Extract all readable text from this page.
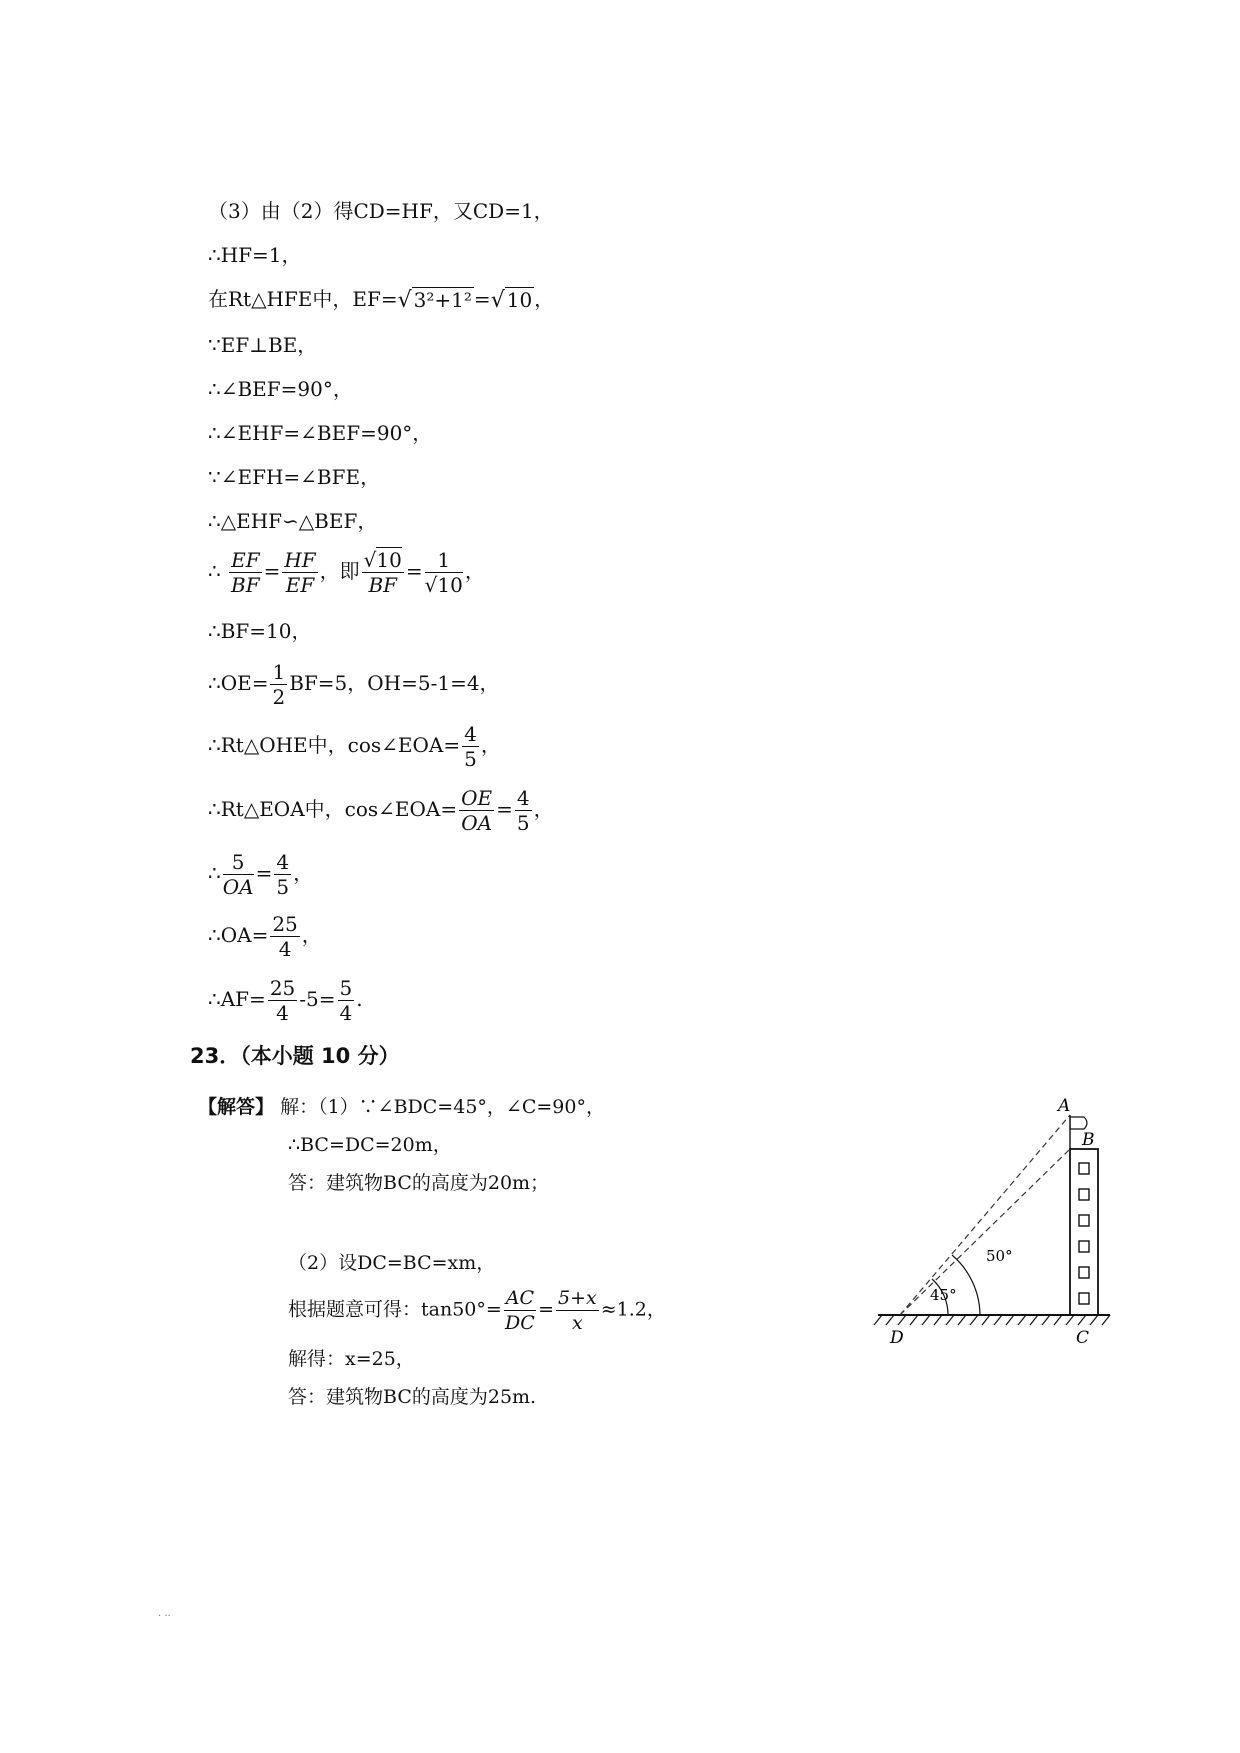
（3）由（2）得CD=HF，又CD=1，
∴HF=1，
在Rt△HFE中，EF=√ 3²+1² =√ 10 ，
∵EF⊥BE，
∴∠BEF=90°，
∴∠EHF=∠BEF=90°，
∵∠EFH=∠BFE，
∴△EHF∽△BEF，
∴ $\frac{EF}{BF} = \frac{HF}{EF}$ ，即 $\frac{√10}{BF} = \frac{1}{√10}$ ，
∴BF=10，
∴OE= $\frac{1}{2} BF=5$，OH=5-1=4，
∴Rt△OHE中，cos∠EOA= $\frac{4}{5}$ ，
∴Rt△EOA中，cos∠EOA= $\frac{OE}{OA} = \frac{4}{5}$ ，
∴ $\frac{5}{OA} = \frac{4}{5}$ ，
∴OA= $\frac{25}{4}$ ，
∴AF= $\frac{25}{4} -5= \frac{5}{4}$ .
23．（本小题 10 分）
【解答】 解：（1）∵∠BDC=45°，∠C=90°，
∴BC=DC=20m，
答：建筑物BC的高度为20m；
（2）设DC=BC=xm，
根据题意可得：$\tan 50^\circ= \frac{AC}{DC} = \frac{5+x}{x} \approx 1.2$，
解得：x=25，
答：建筑物BC的高度为25m.
45°
50°
A
B
C
D
. ..
